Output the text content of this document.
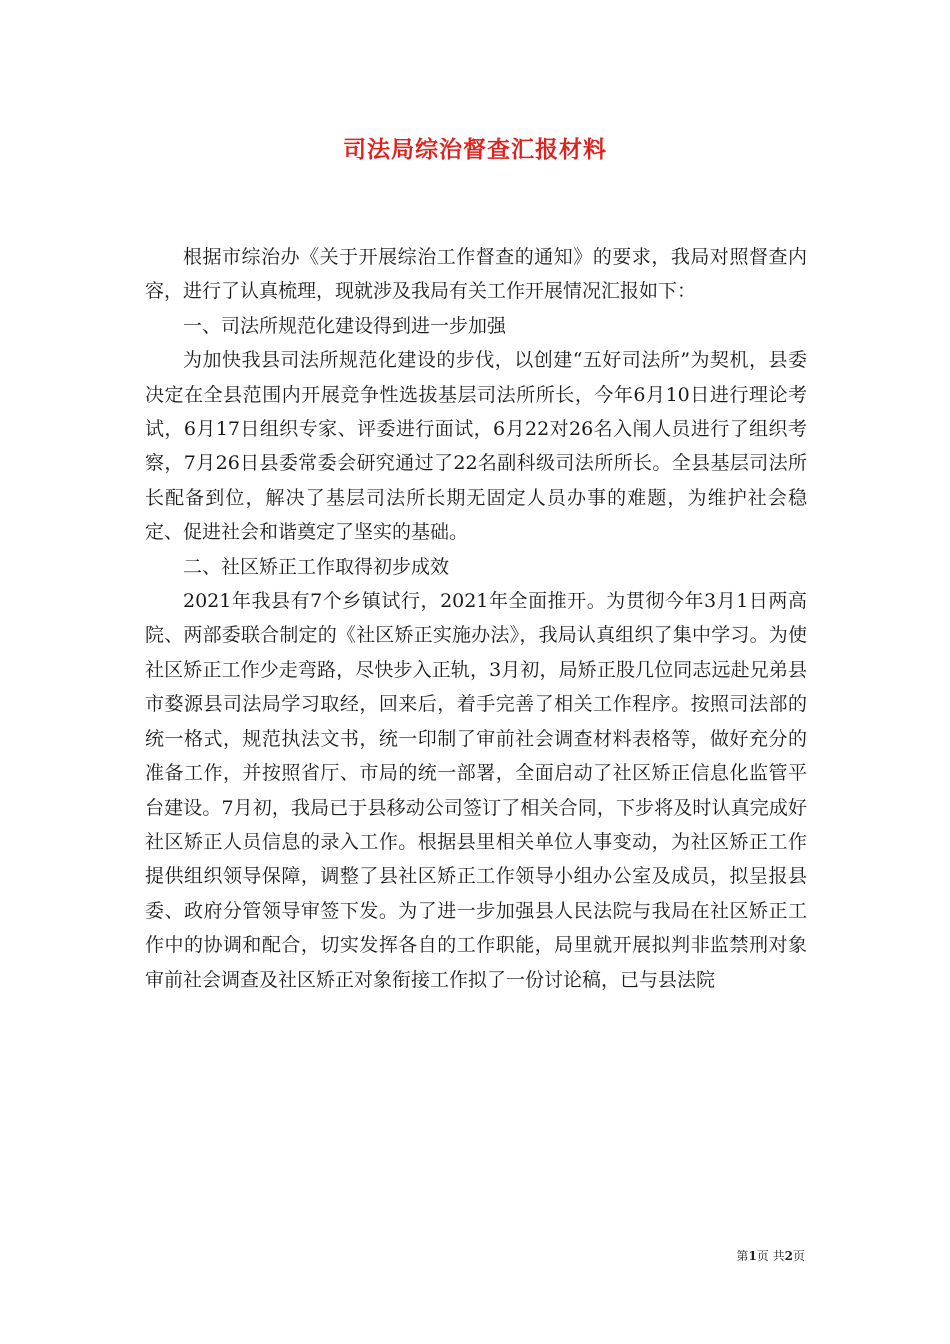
司法局综治督查汇报材料

根据市综治办《关于开展综治工作督查的通知》的要求，我局对照督查内容，进行了认真梳理，现就涉及我局有关工作开展情况汇报如下：

一、司法所规范化建设得到进一步加强

为加快我县司法所规范化建设的步伐，以创建“五好司法所”为契机，县委决定在全县范围内开展竞争性选拔基层司法所所长，今年6月10日进行理论考试，6月17日组织专家、评委进行面试，6月22对26名入闱人员进行了组织考察，7月26日县委常委会研究通过了22名副科级司法所所长。全县基层司法所长配备到位，解决了基层司法所长期无固定人员办事的难题，为维护社会稳定、促进社会和谐奠定了坚实的基础。

二、社区矫正工作取得初步成效

2021年我县有7个乡镇试行，2021年全面推开。为贯彻今年3月1日两高院、两部委联合制定的《社区矫正实施办法》，我局认真组织了集中学习。为使社区矫正工作少走弯路，尽快步入正轨，3月初，局矫正股几位同志远赴兄弟县市婺源县司法局学习取经，回来后，着手完善了相关工作程序。按照司法部的统一格式，规范执法文书，统一印制了审前社会调查材料表格等，做好充分的准备工作，并按照省厅、市局的统一部署，全面启动了社区矫正信息化监管平台建设。7月初，我局已于县移动公司签订了相关合同，下步将及时认真完成好社区矫正人员信息的录入工作。根据县里相关单位人事变动，为社区矫正工作提供组织领导保障，调整了县社区矫正工作领导小组办公室及成员，拟呈报县委、政府分管领导审签下发。为了进一步加强县人民法院与我局在社区矫正工作中的协调和配合，切实发挥各自的工作职能，局里就开展拟判非监禁刑对象审前社会调查及社区矫正对象衔接工作拟了一份讨论稿，已与县法院

第1页 共2页
